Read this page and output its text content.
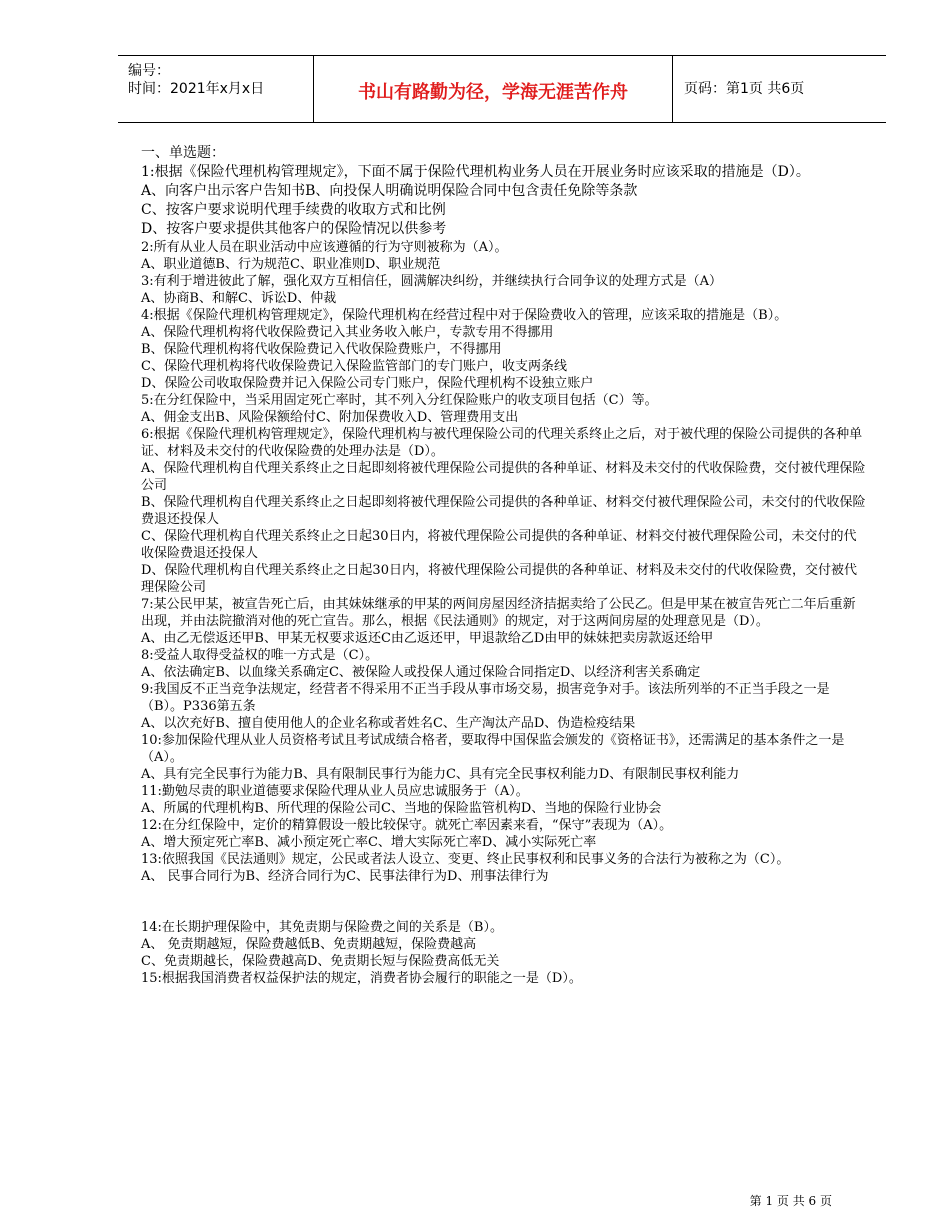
编号：
时间：2021年x月x日	书山有路勤为径，学海无涯苦作舟	页码：第1页 共6页

一、单选题：

1:根据《保险代理机构管理规定》，下面不属于保险代理机构业务人员在开展业务时应该采取的措施是（D）。

A、向客户出示客户告知书B、向投保人明确说明保险合同中包含责任免除等条款

C、按客户要求说明代理手续费的收取方式和比例

D、按客户要求提供其他客户的保险情况以供参考

2:所有从业人员在职业活动中应该遵循的行为守则被称为（A）。

A、职业道德B、行为规范C、职业准则D、职业规范

3:有利于增进彼此了解，强化双方互相信任，圆满解决纠纷，并继续执行合同争议的处理方式是（A）

A、协商B、和解C、诉讼D、仲裁

4:根据《保险代理机构管理规定》，保险代理机构在经营过程中对于保险费收入的管理，应该采取的措施是（B）。

A、保险代理机构将代收保险费记入其业务收入帐户，专款专用不得挪用

B、保险代理机构将代收保险费记入代收保险费账户，不得挪用

C、保险代理机构将代收保险费记入保险监管部门的专门账户，收支两条线

D、保险公司收取保险费并记入保险公司专门账户，保险代理机构不设独立账户

5:在分红保险中，当采用固定死亡率时，其不列入分红保险账户的收支项目包括（C）等。

A、佣金支出B、风险保额给付C、附加保费收入D、管理费用支出

6:根据《保险代理机构管理规定》，保险代理机构与被代理保险公司的代理关系终止之后，对于被代理的保险公司提供的各种单证、材料及未交付的代收保险费的处理办法是（D）。

A、保险代理机构自代理关系终止之日起即刻将被代理保险公司提供的各种单证、材料及未交付的代收保险费，交付被代理保险公司

B、保险代理机构自代理关系终止之日起即刻将被代理保险公司提供的各种单证、材料交付被代理保险公司，未交付的代收保险费退还投保人

C、保险代理机构自代理关系终止之日起30日内，将被代理保险公司提供的各种单证、材料交付被代理保险公司，未交付的代收保险费退还投保人

D、保险代理机构自代理关系终止之日起30日内，将被代理保险公司提供的各种单证、材料及未交付的代收保险费，交付被代理保险公司

7:某公民甲某，被宣告死亡后，由其妹妹继承的甲某的两间房屋因经济拮据卖给了公民乙。但是甲某在被宣告死亡二年后重新出现，并由法院撤消对他的死亡宣告。那么，根据《民法通则》的规定，对于这两间房屋的处理意见是（D）。

A、由乙无偿返还甲B、甲某无权要求返还C由乙返还甲，甲退款给乙D由甲的妹妹把卖房款返还给甲

8:受益人取得受益权的唯一方式是（C）。

A、依法确定B、以血缘关系确定C、被保险人或投保人通过保险合同指定D、以经济利害关系确定

9:我国反不正当竞争法规定，经营者不得采用不正当手段从事市场交易，损害竞争对手。该法所列举的不正当手段之一是（B）。P336第五条

A、以次充好B、擅自使用他人的企业名称或者姓名C、生产淘汰产品D、伪造检疫结果

10:参加保险代理从业人员资格考试且考试成绩合格者，要取得中国保监会颁发的《资格证书》，还需满足的基本条件之一是（A）。

A、具有完全民事行为能力B、具有限制民事行为能力C、具有完全民事权利能力D、有限制民事权利能力

11:勤勉尽责的职业道德要求保险代理从业人员应忠诚服务于（A）。

A、所属的代理机构B、所代理的保险公司C、当地的保险监管机构D、当地的保险行业协会

12:在分红保险中，定价的精算假设一般比较保守。就死亡率因素来看，“保守”表现为（A）。

A、增大预定死亡率B、减小预定死亡率C、增大实际死亡率D、减小实际死亡率

13:依照我国《民法通则》规定，公民或者法人设立、变更、终止民事权利和民事义务的合法行为被称之为（C）。

A、 民事合同行为B、经济合同行为C、民事法律行为D、刑事法律行为

14:在长期护理保险中，其免责期与保险费之间的关系是（B）。

A、 免责期越短，保险费越低B、免责期越短，保险费越高

C、免责期越长，保险费越高D、免责期长短与保险费高低无关

15:根据我国消费者权益保护法的规定，消费者协会履行的职能之一是（D）。

第 1 页 共 6 页
